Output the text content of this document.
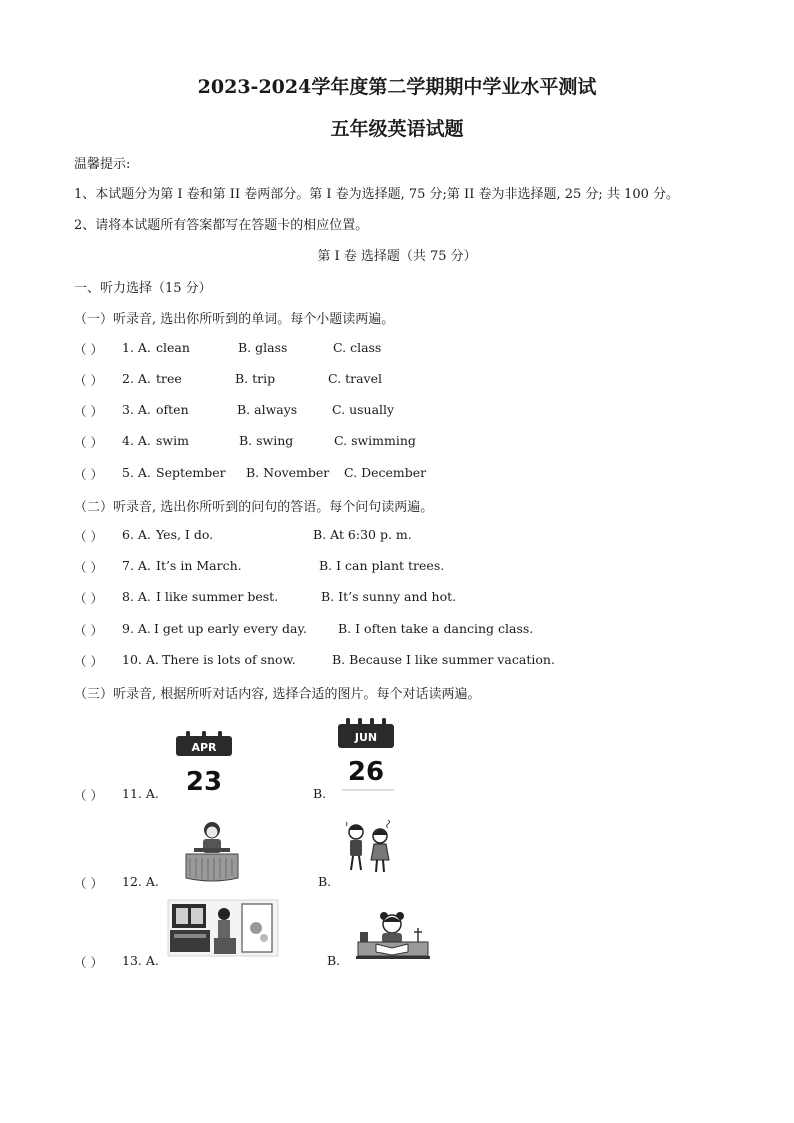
2023-2024学年度第二学期期中学业水平测试
五年级英语试题
温馨提示:
1、本试题分为第 I 卷和第 II 卷两部分。第 I 卷为选择题, 75 分;第 II 卷为非选择题, 25 分; 共 100 分。
2、请将本试题所有答案都写在答题卡的相应位置。
第 I 卷 选择题（共 75 分）
一、听力选择（15 分）
（一）听录音, 选出你所听到的单词。每个小题读两遍。
（ ） 1. A. clean	B. glass	C. class
（ ） 2. A. tree	B. trip	C. travel
（ ） 3. A. often	B. always	C. usually
（ ） 4. A. swim	B. swing	C. swimming
（ ） 5. A. September B. November C. December
（二）听录音, 选出你所听到的问句的答语。每个问句读两遍。
（ ） 6. A. Yes, I do.	B. At 6:30 p. m.
（ ） 7. A. It’s in March.	B. I can plant trees.
（ ） 8. A. I like summer best.	B. It’s sunny and hot.
（ ） 9. A. I get up early every day. B. I often take a dancing class.
（ ） 10. A. There is lots of snow.	B. Because I like summer vacation.
（三）听录音, 根据所听对话内容, 选择合适的图片。每个对话读两遍。
（ ） 11. A.	B.
（ ） 12. A.	B.
（ ） 13. A.	B.
APR
23
JUN
26
